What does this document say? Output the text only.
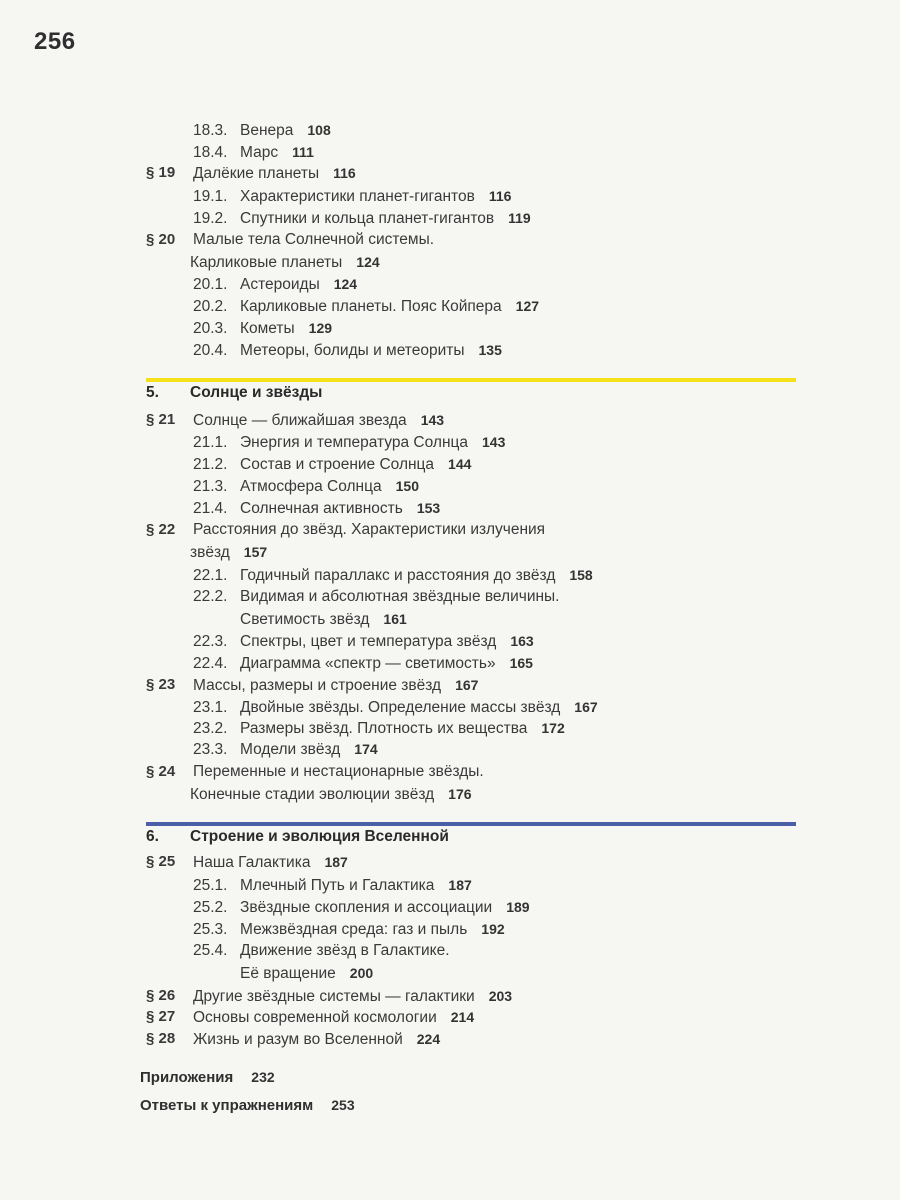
256
18.3. Венера 108
18.4. Марс 111
§ 19 Далёкие планеты 116
19.1. Характеристики планет-гигантов 116
19.2. Спутники и кольца планет-гигантов 119
§ 20 Малые тела Солнечной системы.
Карликовые планеты 124
20.1. Астероиды 124
20.2. Карликовые планеты. Пояс Койпера 127
20.3. Кометы 129
20.4. Метеоры, болиды и метеориты 135
5. Солнце и звёзды
§ 21 Солнце — ближайшая звезда 143
21.1. Энергия и температура Солнца 143
21.2. Состав и строение Солнца 144
21.3. Атмосфера Солнца 150
21.4. Солнечная активность 153
§ 22 Расстояния до звёзд. Характеристики излучения
звёзд 157
22.1. Годичный параллакс и расстояния до звёзд 158
22.2. Видимая и абсолютная звёздные величины.
Светимость звёзд 161
22.3. Спектры, цвет и температура звёзд 163
22.4. Диаграмма «спектр — светимость» 165
§ 23 Массы, размеры и строение звёзд 167
23.1. Двойные звёзды. Определение массы звёзд 167
23.2. Размеры звёзд. Плотность их вещества 172
23.3. Модели звёзд 174
§ 24 Переменные и нестационарные звёзды.
Конечные стадии эволюции звёзд 176
6. Строение и эволюция Вселенной
§ 25 Наша Галактика 187
25.1. Млечный Путь и Галактика 187
25.2. Звёздные скопления и ассоциации 189
25.3. Межзвёздная среда: газ и пыль 192
25.4. Движение звёзд в Галактике.
Её вращение 200
§ 26 Другие звёздные системы — галактики 203
§ 27 Основы современной космологии 214
§ 28 Жизнь и разум во Вселенной 224
Приложения 232
Ответы к упражнениям 253
